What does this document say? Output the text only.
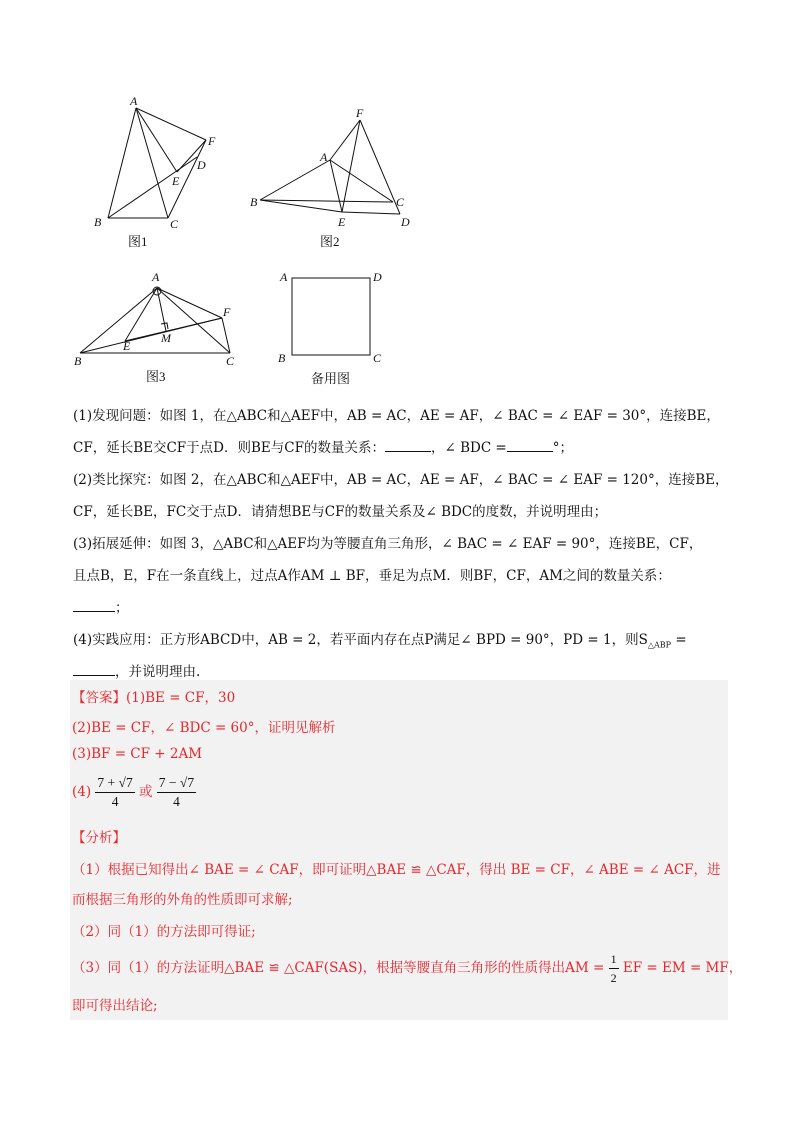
A
B	C
D
E
F
图1
A
B	C
D
E
F
图2
A
B	C
E
F
M
图3
A	D
B	C
备用图

(1)发现问题：如图 1，在△ABC和△AEF中，AB = AC，AE = AF，∠ BAC = ∠ EAF = 30°，连接BE，

CF，延长BE交CF于点D．则BE与CF的数量关系：	，∠ BDC =	°；

(2)类比探究：如图 2，在△ABC和△AEF中，AB = AC，AE = AF，∠ BAC = ∠ EAF = 120°，连接BE，

CF，延长BE，FC交于点D．请猜想BE与CF的数量关系及∠ BDC的度数，并说明理由；

(3)拓展延伸：如图 3，△ABC和△AEF均为等腰直角三角形，∠ BAC = ∠ EAF = 90°，连接BE，CF，

且点B，E，F在一条直线上，过点A作AM ⊥ BF，垂足为点M．则BF，CF，AM之间的数量关系：

；

(4)实践应用：正方形ABCD中，AB = 2，若平面内存在点P满足∠ BPD = 90°，PD = 1，则$S_{\triangle ABP}$ =

，并说明理由.

【答案】(1)BE = CF，30

(2)BE = CF，∠ BDC = 60°，证明见解析

(3)BF = CF + 2AM

$(4) \frac{7 + √7}{4}$ 或 $\frac{7 - √7}{4}$

【分析】

（1）根据已知得出∠ BAE = ∠ CAF，即可证明△BAE ≌ △CAF，得出 BE = CF，∠ ABE = ∠ ACF，进

而根据三角形的外角的性质即可求解;

（2）同（1）的方法即可得证;

（3）同（1）的方法证明△BAE ≌ △CAF(SAS)，根据等腰直角三角形的性质得出AM = $\frac{1}{2}$ EF = EM = MF，

即可得出结论;
